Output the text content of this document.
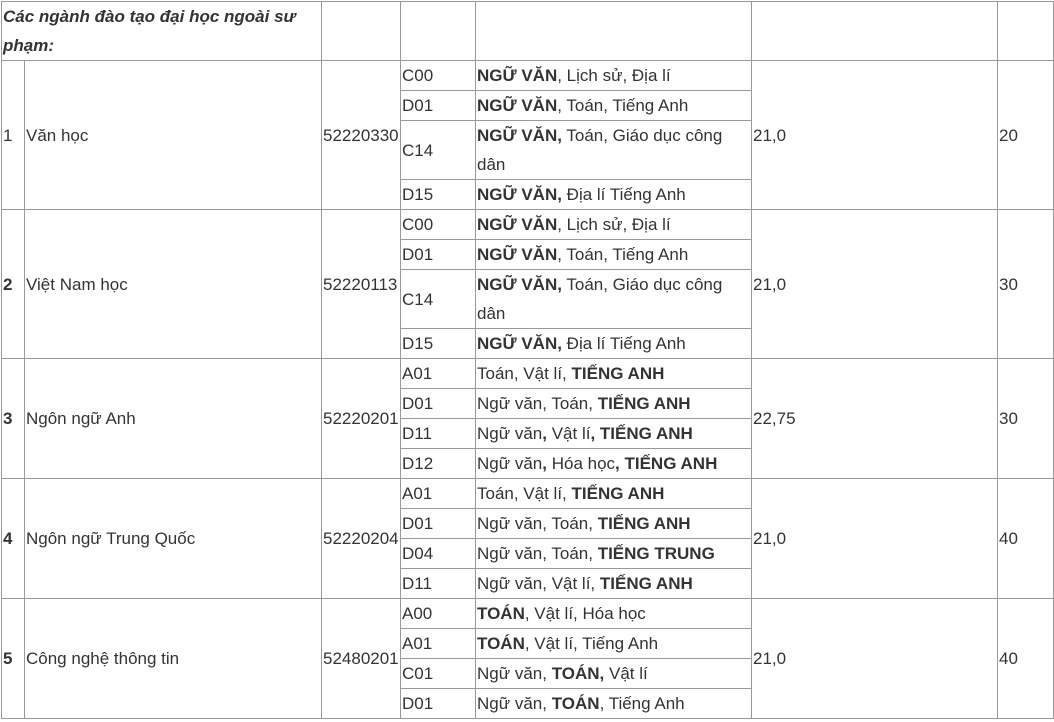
Các ngành đào tạo đại học ngoài sư phạm:						
1	Văn học	52220330	C00	NGỮ VĂN, Lịch sử, Địa lí	21,0	20
			D01	NGỮ VĂN, Toán, Tiếng Anh		
			C14	NGỮ VĂN, Toán, Giáo dục công dân		
			D15	NGỮ VĂN, Địa lí Tiếng Anh		
2	Việt Nam học	52220113	C00	NGỮ VĂN, Lịch sử, Địa lí	21,0	30
			D01	NGỮ VĂN, Toán, Tiếng Anh		
			C14	NGỮ VĂN, Toán, Giáo dục công dân		
			D15	NGỮ VĂN, Địa lí Tiếng Anh		
3	Ngôn ngữ Anh	52220201	A01	Toán, Vật lí, TIẾNG ANH	22,75	30
			D01	Ngữ văn, Toán, TIẾNG ANH		
			D11	Ngữ văn, Vật lí, TIẾNG ANH		
			D12	Ngữ văn, Hóa học, TIẾNG ANH		
4	Ngôn ngữ Trung Quốc	52220204	A01	Toán, Vật lí, TIẾNG ANH	21,0	40
			D01	Ngữ văn, Toán, TIẾNG ANH		
			D04	Ngữ văn, Toán, TIẾNG TRUNG		
			D11	Ngữ văn, Vật lí, TIẾNG ANH		
5	Công nghệ thông tin	52480201	A00	TOÁN, Vật lí, Hóa học	21,0	40
			A01	TOÁN, Vật lí, Tiếng Anh		
			C01	Ngữ văn, TOÁN, Vật lí		
			D01	Ngữ văn, TOÁN, Tiếng Anh		
